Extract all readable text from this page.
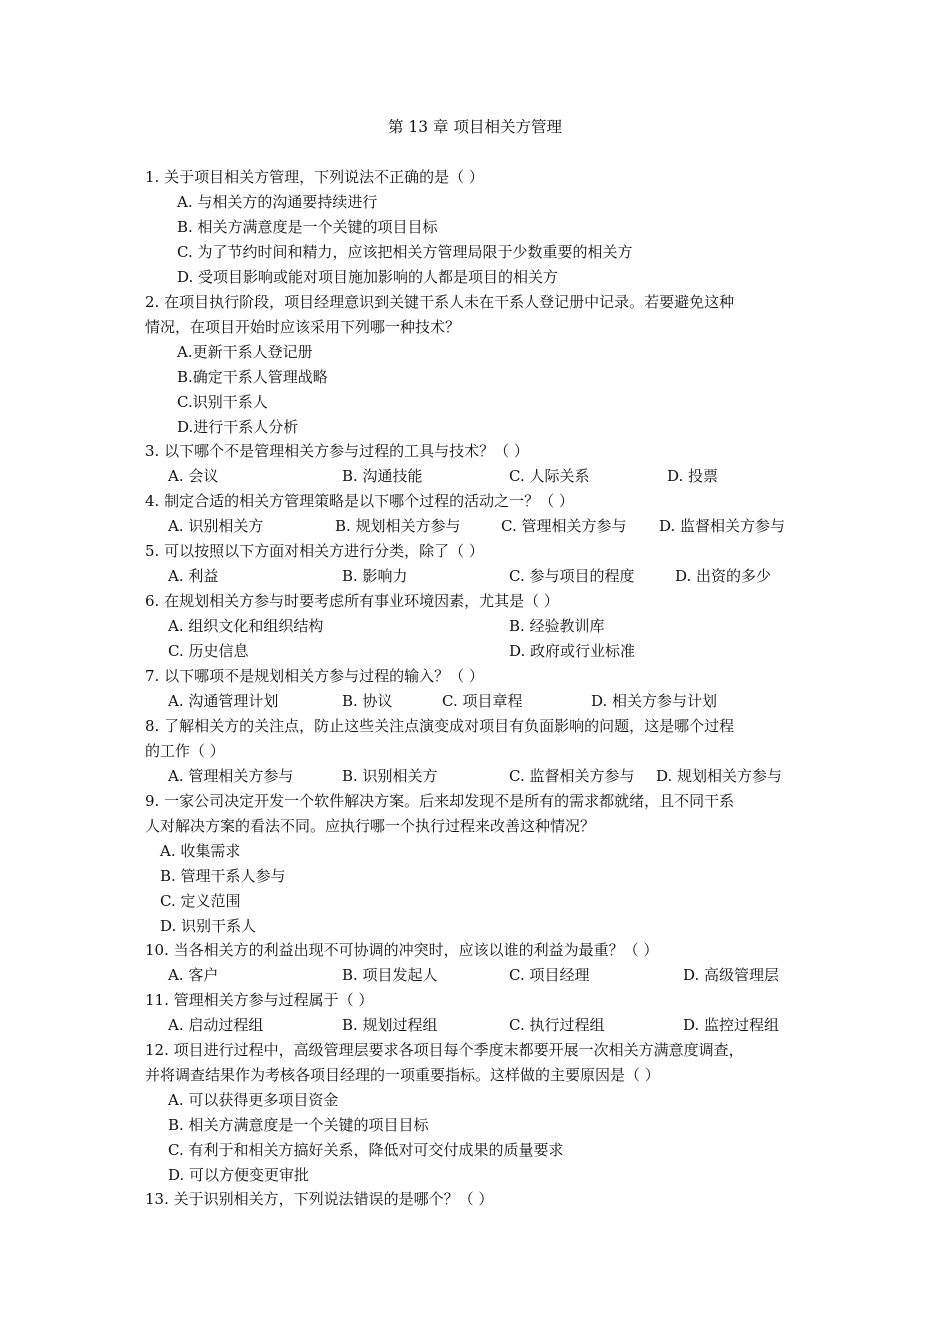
第 13 章 项目相关方管理
1. 关于项目相关方管理，下列说法不正确的是（ ）
A. 与相关方的沟通要持续进行
B. 相关方满意度是一个关键的项目目标
C. 为了节约时间和精力，应该把相关方管理局限于少数重要的相关方
D. 受项目影响或能对项目施加影响的人都是项目的相关方
2. 在项目执行阶段，项目经理意识到关键干系人未在干系人登记册中记录。若要避免这种
情况，在项目开始时应该采用下列哪一种技术？
A.更新干系人登记册
B.确定干系人管理战略
C.识别干系人
D.进行干系人分析
3. 以下哪个不是管理相关方参与过程的工具与技术？（ ）
A. 会议	B. 沟通技能	C. 人际关系	D. 投票
4. 制定合适的相关方管理策略是以下哪个过程的活动之一？（ ）
A. 识别相关方	B. 规划相关方参与	C. 管理相关方参与 D. 监督相关方参与
5. 可以按照以下方面对相关方进行分类，除了（ ）
A. 利益	B. 影响力	C. 参与项目的程度	D. 出资的多少
6. 在规划相关方参与时要考虑所有事业环境因素，尤其是（ ）
A. 组织文化和组织结构	B. 经验教训库
C. 历史信息	D. 政府或行业标准
7. 以下哪项不是规划相关方参与过程的输入？（ ）
A. 沟通管理计划	B. 协议	C. 项目章程	D. 相关方参与计划
8. 了解相关方的关注点，防止这些关注点演变成对项目有负面影响的问题，这是哪个过程
的工作（ ）
A. 管理相关方参与	B. 识别相关方	C. 监督相关方参与 D. 规划相关方参与
9. 一家公司决定开发一个软件解决方案。后来却发现不是所有的需求都就绪，且不同干系
人对解决方案的看法不同。应执行哪一个执行过程来改善这种情况？
A. 收集需求
B. 管理干系人参与
C. 定义范围
D. 识别干系人
10. 当各相关方的利益出现不可协调的冲突时，应该以谁的利益为最重？（ ）
A. 客户	B. 项目发起人	C. 项目经理	D. 高级管理层
11. 管理相关方参与过程属于（ ）
A. 启动过程组	B. 规划过程组	C. 执行过程组	D. 监控过程组
12. 项目进行过程中，高级管理层要求各项目每个季度末都要开展一次相关方满意度调查，
并将调查结果作为考核各项目经理的一项重要指标。这样做的主要原因是（ ）
A. 可以获得更多项目资金
B. 相关方满意度是一个关键的项目目标
C. 有利于和相关方搞好关系，降低对可交付成果的质量要求
D. 可以方便变更审批
13. 关于识别相关方，下列说法错误的是哪个？（ ）
